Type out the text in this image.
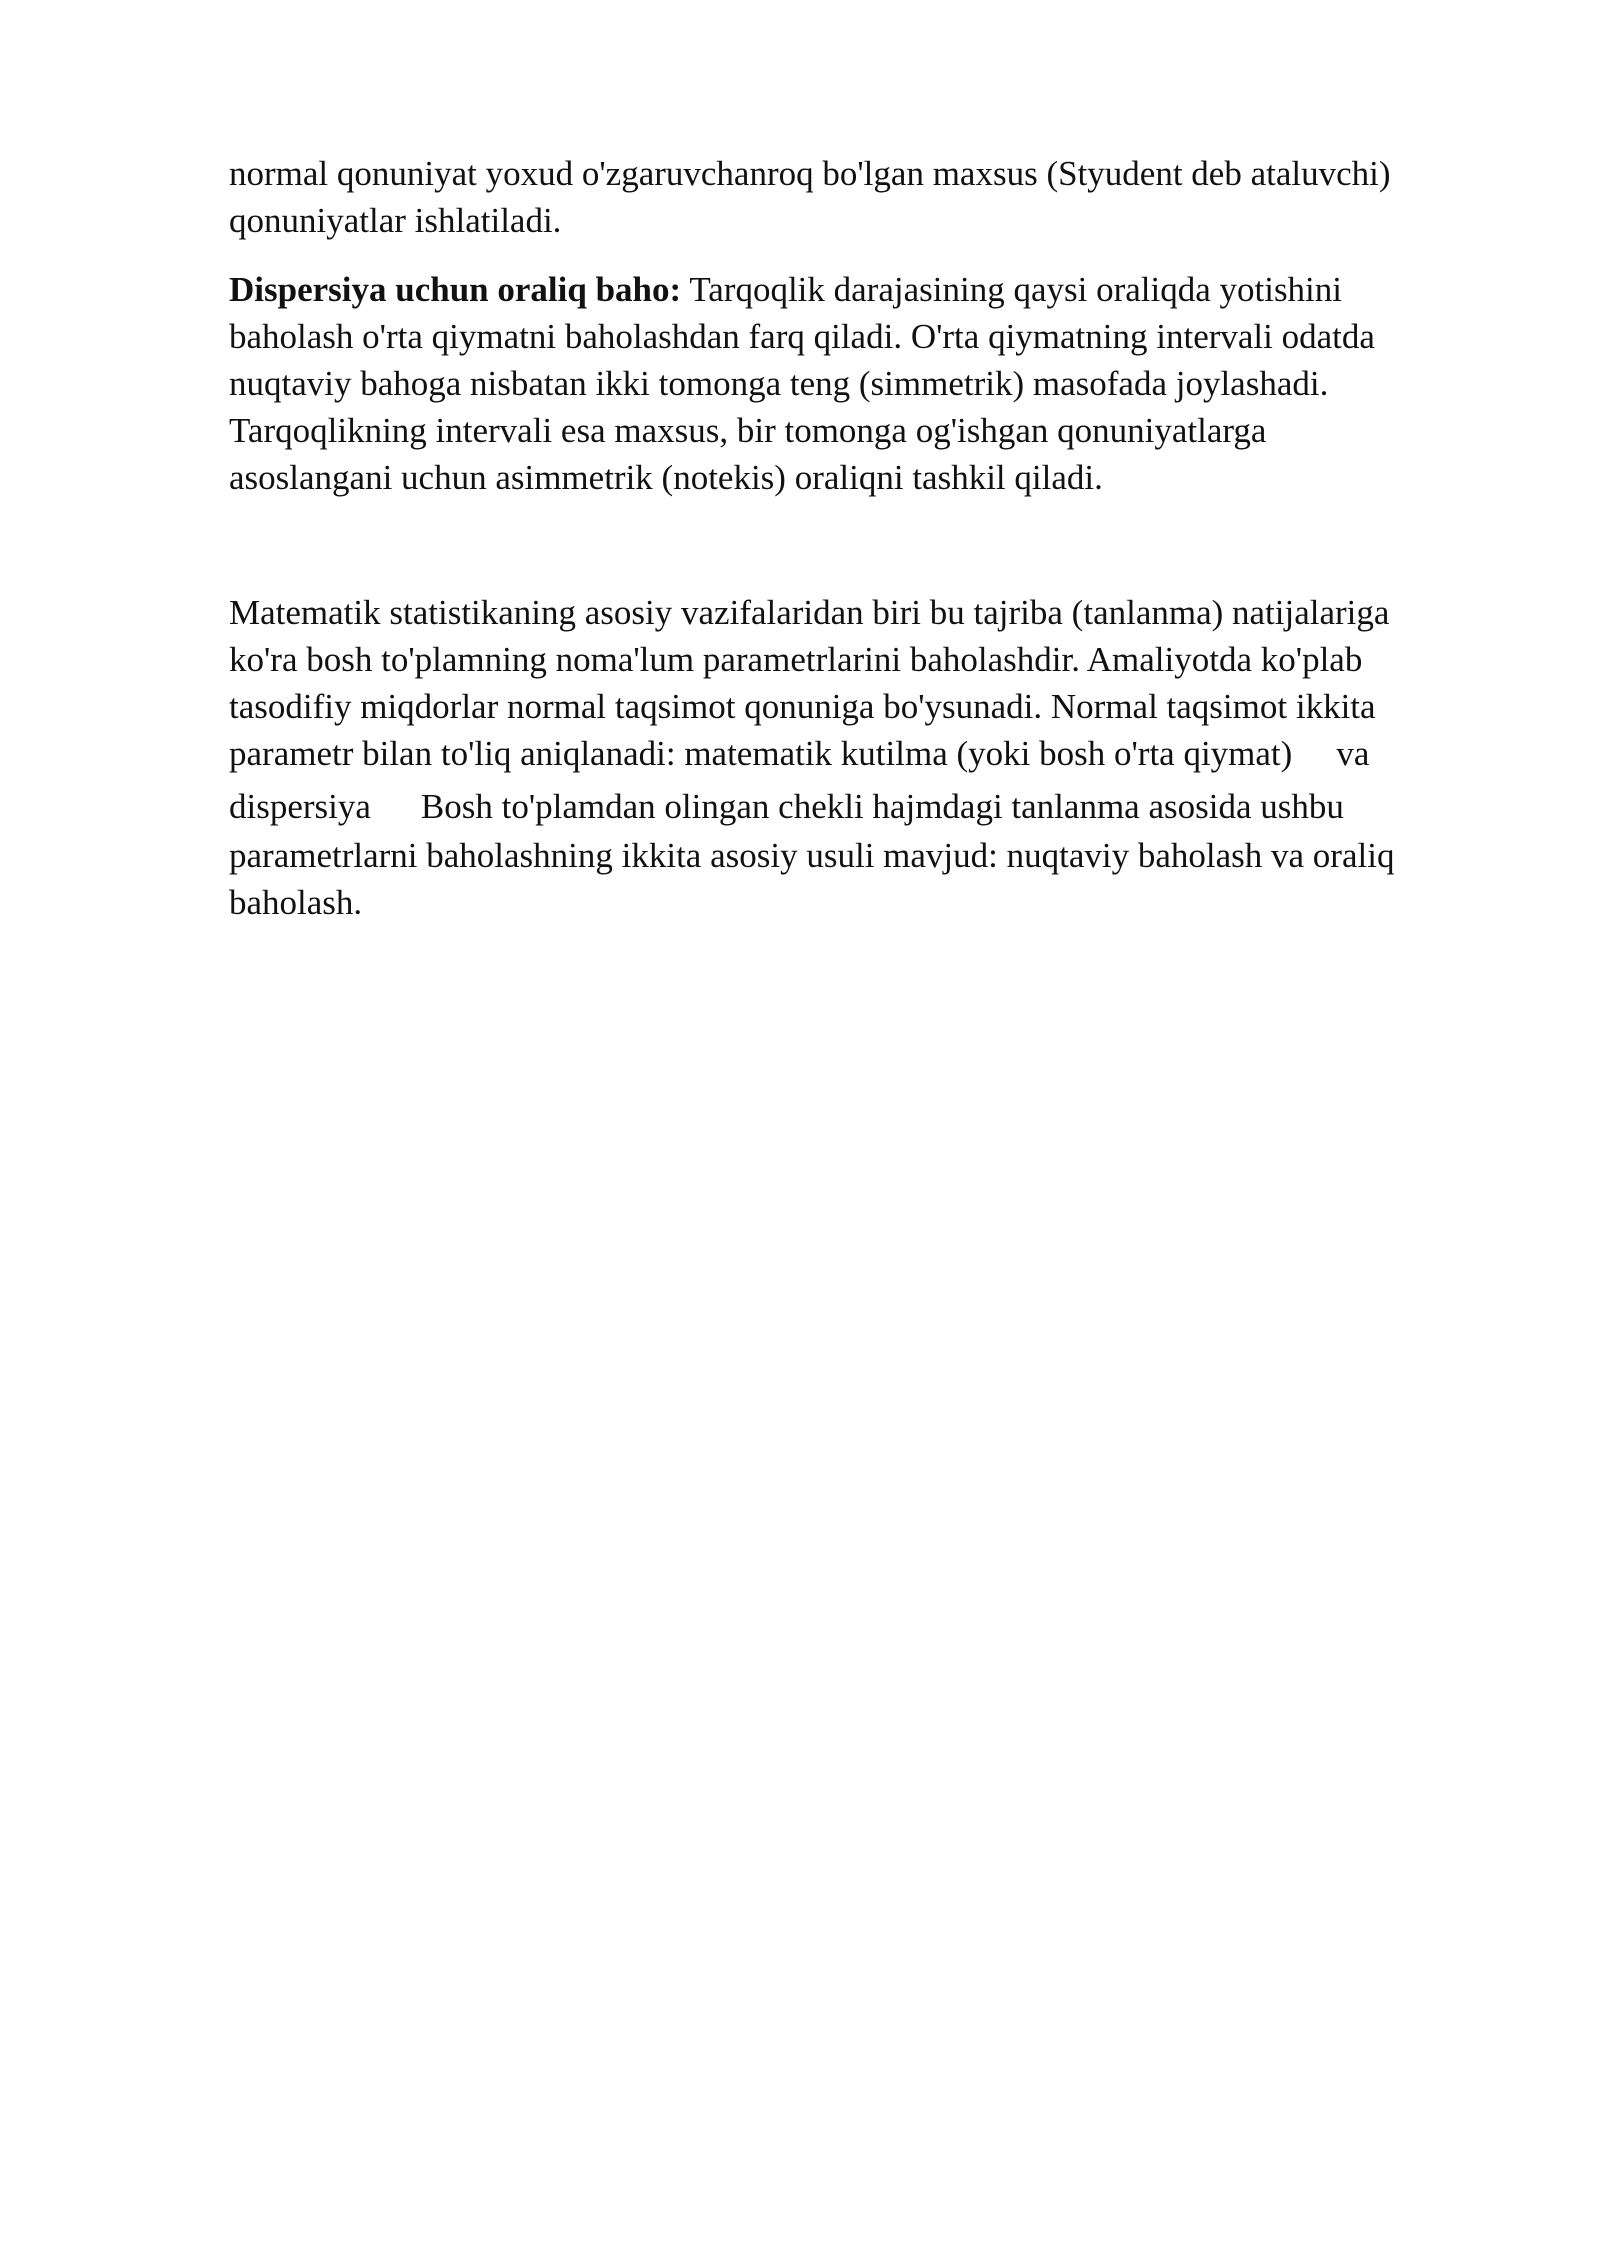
normal qonuniyat yoxud o'zgaruvchanroq bo'lgan maxsus (Styudent deb ataluvchi)
qonuniyatlar ishlatiladi.

Dispersiya uchun oraliq baho: Tarqoqlik darajasining qaysi oraliqda yotishini
baholash o'rta qiymatni baholashdan farq qiladi. O'rta qiymatning intervali odatda
nuqtaviy bahoga nisbatan ikki tomonga teng (simmetrik) masofada joylashadi.
Tarqoqlikning intervali esa maxsus, bir tomonga og'ishgan qonuniyatlarga
asoslangani uchun asimmetrik (notekis) oraliqni tashkil qiladi.

Matematik statistikaning asosiy vazifalaridan biri bu tajriba (tanlanma) natijalariga
ko'ra bosh to'plamning noma'lum parametrlarini baholashdir. Amaliyotda ko'plab
tasodifiy miqdorlar normal taqsimot qonuniga bo'ysunadi. Normal taqsimot ikkita
parametr bilan to'liq aniqlanadi: matematik kutilma (yoki bosh o'rta qiymat) va
dispersiya Bosh to'plamdan olingan chekli hajmdagi tanlanma asosida ushbu
parametrlarni baholashning ikkita asosiy usuli mavjud: nuqtaviy baholash va oraliq
baholash.
